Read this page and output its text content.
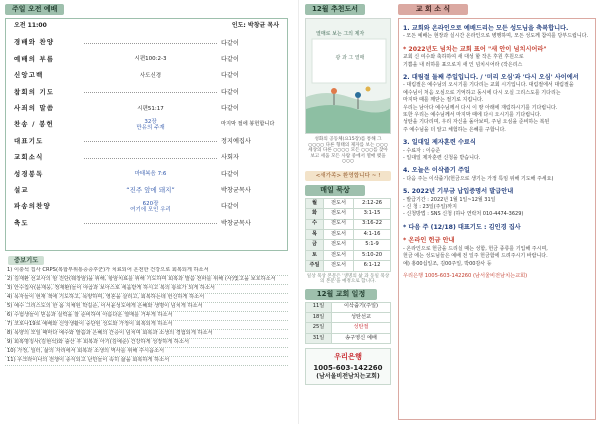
주일 오전 예배
오전 11:00	인도: 박창균 목사
경배와 찬양	다같이
예배의 부름	시편100:2-3	다같이
신앙고백	사도신경	다같이
참회의 기도	다같이
사죄의 말씀	시편51:17	다같이
찬송 / 봉헌	32장
만유의 주재
마지막 절에 봉헌합니다
대표기도	정지예집사
교회소식	사회자
성경봉독	마태복음 7:6	다같이
설교	“진주 앞에 돼지”	박창균목사
파송의찬양	620장
여기에 모인 우리	다같이
축도	박창균목사
중보기도
1) 이충석 집사 CRPS(복합부위통증증후군)가 치료되어 온전한 건강으로 회복되게 하소서
2) 김재환 선교사의 암 진단(췌장암)을 위해, 항암치료를 위해 기도하며 회복과 말씀 전파를 위해 (사)빛고을 보호하소서
3) 안수집사(윤재웅, 정재환)들이 야곱과 보아스로 세움받게 하시고 복의 통로가 되게 하소서
4) 목자들이 현재 책에 기도하고, 목양하며, 영혼을 살리고, 회복하는데 헌신하게 하소서
5) 예수 그리스도의 한 몸 지체된 박길준, 이서윤성도에게 은혜와 생명이 넘치게 하소서
6) 수험생들이 믿음과 실력을 잘 준비하여 아름다운 열매를 거두게 하소서
7) 코로나19로 예배와 신앙생활이 중단된 성도와 가정이 회복되게 하소서
8) 목양의 모일 때마다 예수와 말씀과 은혜의 간증이 넘치며 회복과 소생의 경험되게 하소서
9) 회복명칭사(김현석)와 출산 후 회복과 아기(김예준) 건강하게 성장하게 하소서
10) 가정, 일터, 삶의 자리에서 회복과 소생의 역사를 위해 주시옵소서
11) 우크라이나의 전쟁이 종식되고 난민들이 속히 삶을 회복하게 하소서
12월 추천도서
열매로 보는 그의 제자
광 과 그 열매
성화의 공동체(요15장)를 통해 그 ○○○○ 다른 형태의 제자를 보는 ○○○ 세상의 다른 ○○○○ 모든 ○○○를 찾아보고 세움 모든 사람 중에서 열매 맺을 ○○○
<새가족> 환영합니다 ~ !
매일 묵상
월	전도서	2:12-26
화	전도서	3:1-15
수	전도서	3:16-22
목	전도서	4:1-16
금	전도서	5:1-9
토	전도서	5:10-20
주일	전도서	6:1-12
일상 묵상 본문은 '생명의 삶 과 동일 묵상의 본문'을 예정으로 합니다.
12월 교회 일정
11일	이삭줍기(주일)
18일	성탄선교
25일	성탄절
31일	송구영신 예배
우리은행
1005-603-142260
(남서울비전남치는교회)
교 회 소 식
1. 교회와 온라인으로 예배드리는 모든 성도님을 축복합니다.
- 모든 예배는 현장과 실시간 온라인으로 병행하며, 모든 성도께 참여를 당부드립니다.
* 2022년도 넘치는 교회 표어 "새 안이 넘치시어라"
교회 신 여수와 축하하여 새 대성 할 작은 후원 후원으로
기쁨을 내 러하를 표으로지 새 인 넘치시어라 (작은리스
2. 대림절 둘째 주일입니다. / '미리 오심'과 '다시 오심' 사이에서
- 대림절은 예수님의 오시기를 기다리는 교회 시기입니다. 대림절에서 대림절을
예수님이 처음 오심으로 기억하고 동시에 다시 오실 그리스도를 기다리는
마지막 때를 깨닫는 절기로 지킵니다.
우리는 남아다 예수님께서 다시 이 땅 아래에 재림하시기를 기다립니다.
또한 우리는 예수님께서 마지막 때에 다시 오시기를 기다립니다.
성탄을 기다리며, 우리 자신을 돌아보며, 주님 오심을 준비하는 복된
주 예수님을 더 알고 체험하는 은혜를 구합니다.
3. 일대일 제자훈련 수료식
- 수료자 : 이승준
- 일대일 제자훈련 신청을 받습니다.
4. 오늘은 이삭줍기 주일
- 다음 주는 이삭줍기(헌금으로 생기는 가정 특임 위해 기도해 주세요)
5. 2022년 기부금 납입증명서 발급안내
- 발급기간 : 2022년 1월 1일~12월 31일
- 신 청 : 23일(주일)까지
- 신청방법 : SNS 신청 (하나 연락처 010-4474-3629)
* 다음 주 (12/18) 대표기도 : 김인경 집사
* 온라인 헌금 안내
- 온라인으로 헌금을 드리실 때는 성함, 헌금 종류를 기입해 주시며,
헌금 에는 성도님들은 예배 전 일주 헌금함에 드려주시기 바랍니다.
예) 홍00십일조, 김00주일, 박00감사 등
우리은행 1005-603-142260 (남서울비전남치는교회)
